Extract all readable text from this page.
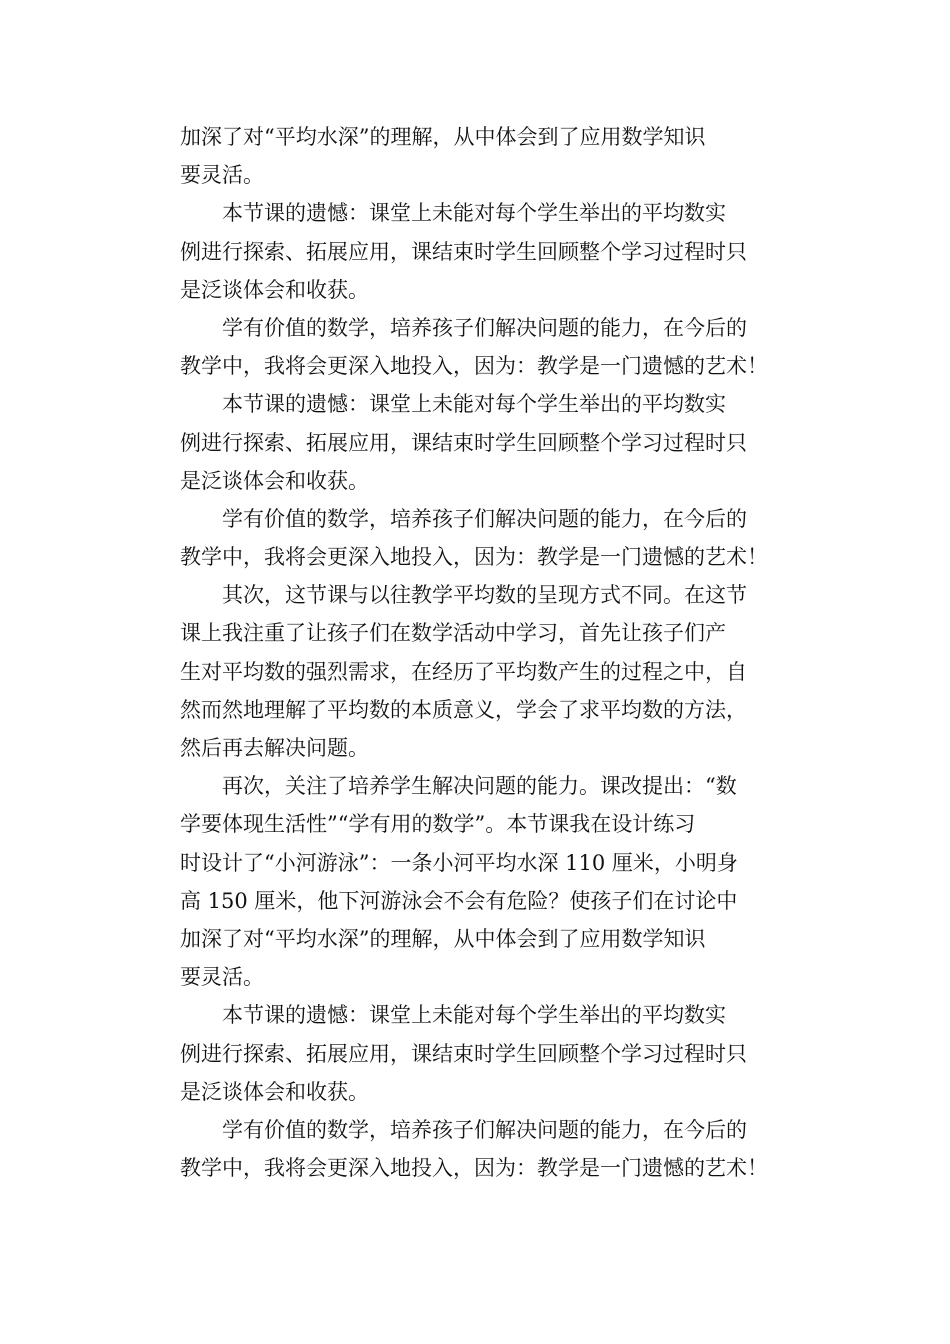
加深了对“平均水深”的理解，从中体会到了应用数学知识
要灵活。
本节课的遗憾：课堂上未能对每个学生举出的平均数实
例进行探索、拓展应用，课结束时学生回顾整个学习过程时只
是泛谈体会和收获。
学有价值的数学，培养孩子们解决问题的能力，在今后的
教学中，我将会更深入地投入，因为：教学是一门遗憾的艺术！
本节课的遗憾：课堂上未能对每个学生举出的平均数实
例进行探索、拓展应用，课结束时学生回顾整个学习过程时只
是泛谈体会和收获。
学有价值的数学，培养孩子们解决问题的能力，在今后的
教学中，我将会更深入地投入，因为：教学是一门遗憾的艺术！
其次，这节课与以往教学平均数的呈现方式不同。在这节
课上我注重了让孩子们在数学活动中学习，首先让孩子们产
生对平均数的强烈需求，在经历了平均数产生的过程之中，自
然而然地理解了平均数的本质意义，学会了求平均数的方法，
然后再去解决问题。
再次，关注了培养学生解决问题的能力。课改提出：“数
学要体现生活性”“学有用的数学”。本节课我在设计练习
时设计了“小河游泳”：一条小河平均水深 110 厘米，小明身
高 150 厘米，他下河游泳会不会有危险？使孩子们在讨论中
加深了对“平均水深”的理解，从中体会到了应用数学知识
要灵活。
本节课的遗憾：课堂上未能对每个学生举出的平均数实
例进行探索、拓展应用，课结束时学生回顾整个学习过程时只
是泛谈体会和收获。
学有价值的数学，培养孩子们解决问题的能力，在今后的
教学中，我将会更深入地投入，因为：教学是一门遗憾的艺术！
